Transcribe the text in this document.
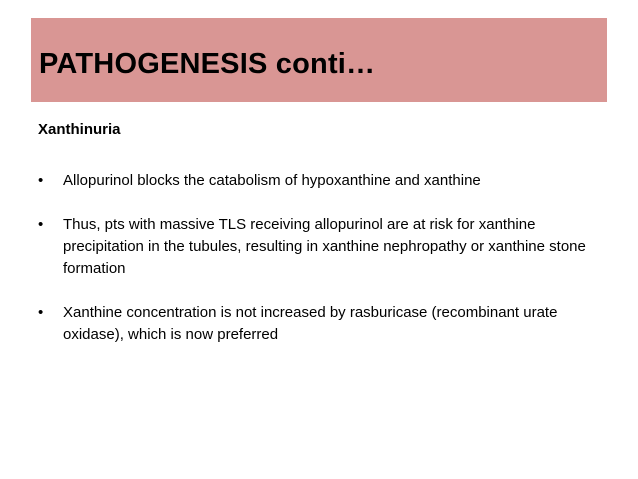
PATHOGENESIS conti…
Xanthinuria
• Allopurinol blocks the catabolism of hypoxanthine and xanthine
• Thus, pts with massive TLS receiving allopurinol are at risk for xanthine precipitation in the tubules, resulting in xanthine nephropathy or xanthine stone formation
• Xanthine concentration is not increased by rasburicase (recombinant urate oxidase), which is now preferred
